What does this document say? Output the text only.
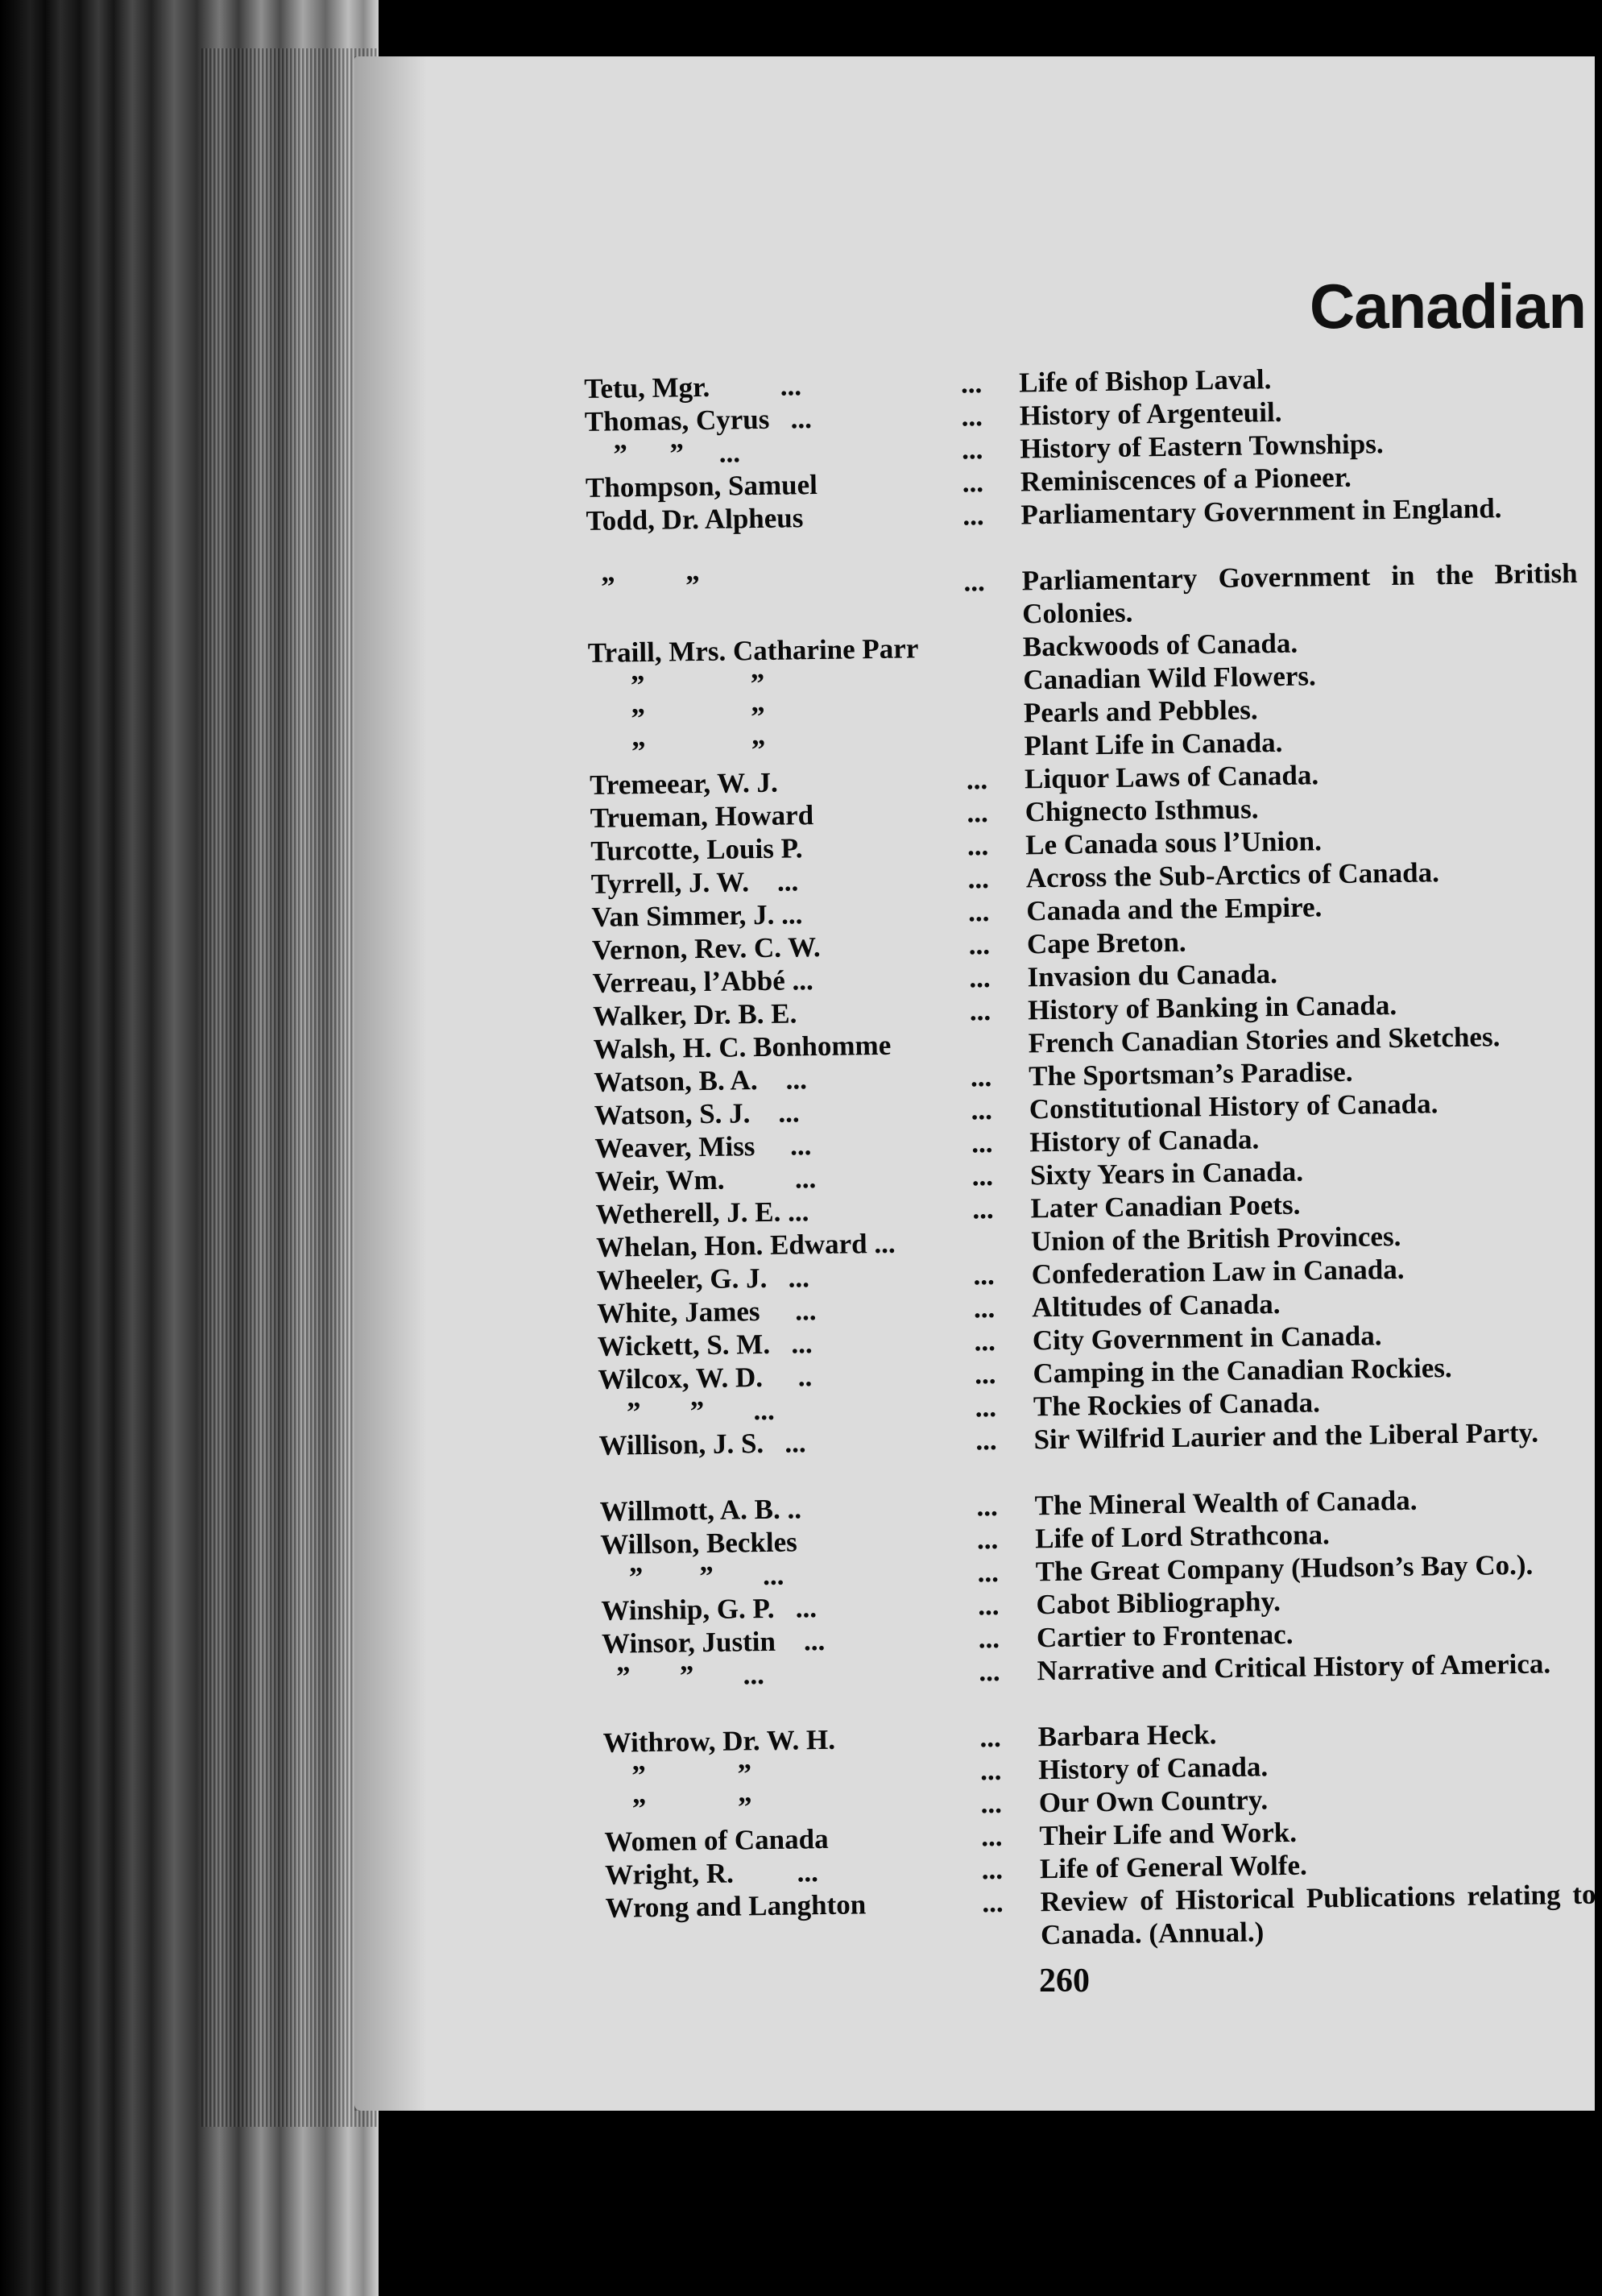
Canadian
Tetu, Mgr.          ...	... Life of Bishop Laval.
Thomas, Cyrus   ...	... History of Argenteuil.
”      ”     ...	... History of Eastern Townships.
Thompson, Samuel	... Reminiscences of a Pioneer.
Todd, Dr. Alpheus	... Parliamentary Government in England.
”          ”	... Parliamentary Government in the British Colonies.
Traill, Mrs. Catharine Parr	Backwoods of Canada.
”               ”	Canadian Wild Flowers.
”               ”	Pearls and Pebbles.
”               ”	Plant Life in Canada.
Tremeear, W. J.	... Liquor Laws of Canada.
Trueman, Howard	... Chignecto Isthmus.
Turcotte, Louis P.	... Le Canada sous l’Union.
Tyrrell, J. W.    ...	... Across the Sub-Arctics of Canada.
Van Simmer, J. ...	... Canada and the Empire.
Vernon, Rev. C. W.	... Cape Breton.
Verreau, l’Abbé ...	... Invasion du Canada.
Walker, Dr. B. E.	... History of Banking in Canada.
Walsh, H. C. Bonhomme	French Canadian Stories and Sketches.
Watson, B. A.    ...	... The Sportsman’s Paradise.
Watson, S. J.    ...	... Constitutional History of Canada.
Weaver, Miss     ...	... History of Canada.
Weir, Wm.          ...	... Sixty Years in Canada.
Wetherell, J. E. ...	... Later Canadian Poets.
Whelan, Hon. Edward ...	Union of the British Provinces.
Wheeler, G. J.   ...	... Confederation Law in Canada.
White, James     ...	... Altitudes of Canada.
Wickett, S. M.   ...	... City Government in Canada.
Wilcox, W. D.     ..	... Camping in the Canadian Rockies.
”       ”       ...	... The Rockies of Canada.
Willison, J. S.   ...	... Sir Wilfrid Laurier and the Liberal Party.
Willmott, A. B. ..	... The Mineral Wealth of Canada.
Willson, Beckles	... Life of Lord Strathcona.
”        ”       ...	... The Great Company (Hudson’s Bay Co.).
Winship, G. P.   ...	... Cabot Bibliography.
Winsor, Justin    ...	... Cartier to Frontenac.
”       ”       ...	... Narrative and Critical History of America.
Withrow, Dr. W. H.	... Barbara Heck.
”             ”	... History of Canada.
”             ”	... Our Own Country.
Women of Canada	... Their Life and Work.
Wright, R.         ...	... Life of General Wolfe.
Wrong and Langhton	... Review of Historical Publications relating to Canada. (Annual.)
260
